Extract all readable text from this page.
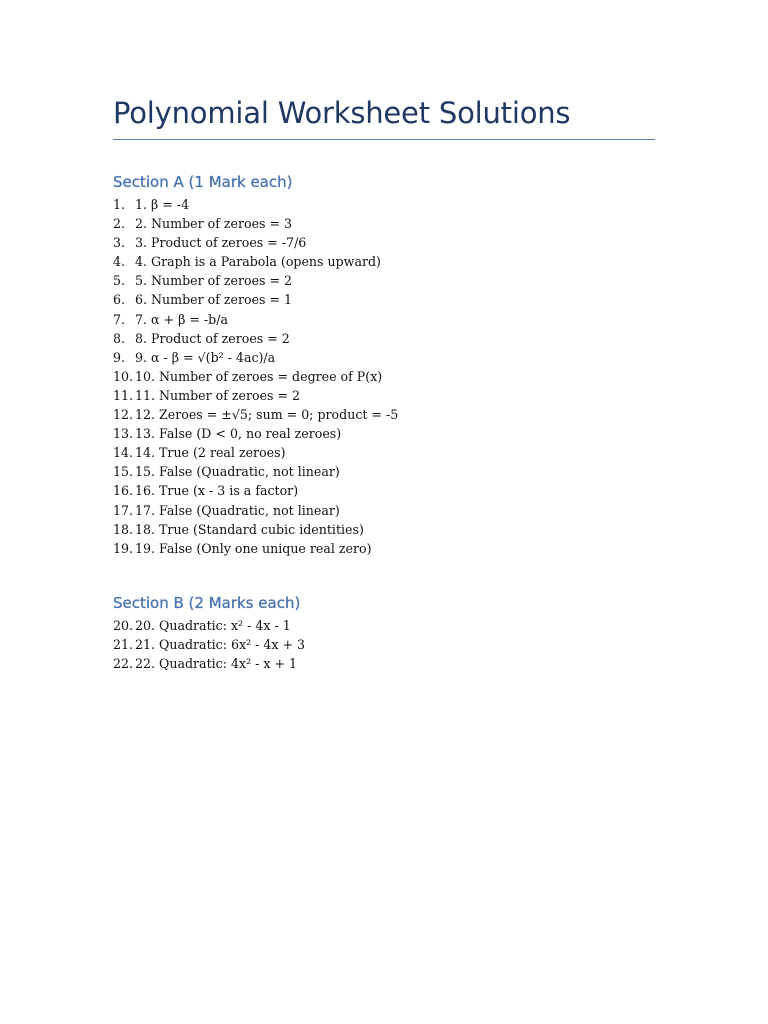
Polynomial Worksheet Solutions
Section A (1 Mark each)
1. 1. β = -4
2. 2. Number of zeroes = 3
3. 3. Product of zeroes = -7/6
4. 4. Graph is a Parabola (opens upward)
5. 5. Number of zeroes = 2
6. 6. Number of zeroes = 1
7. 7. α + β = -b/a
8. 8. Product of zeroes = 2
9. 9. α - β = √(b² - 4ac)/a
10. 10. Number of zeroes = degree of P(x)
11. 11. Number of zeroes = 2
12. 12. Zeroes = ±√5; sum = 0; product = -5
13. 13. False (D < 0, no real zeroes)
14. 14. True (2 real zeroes)
15. 15. False (Quadratic, not linear)
16. 16. True (x - 3 is a factor)
17. 17. False (Quadratic, not linear)
18. 18. True (Standard cubic identities)
19. 19. False (Only one unique real zero)
Section B (2 Marks each)
20. 20. Quadratic: x² - 4x - 1
21. 21. Quadratic: 6x² - 4x + 3
22. 22. Quadratic: 4x² - x + 1
